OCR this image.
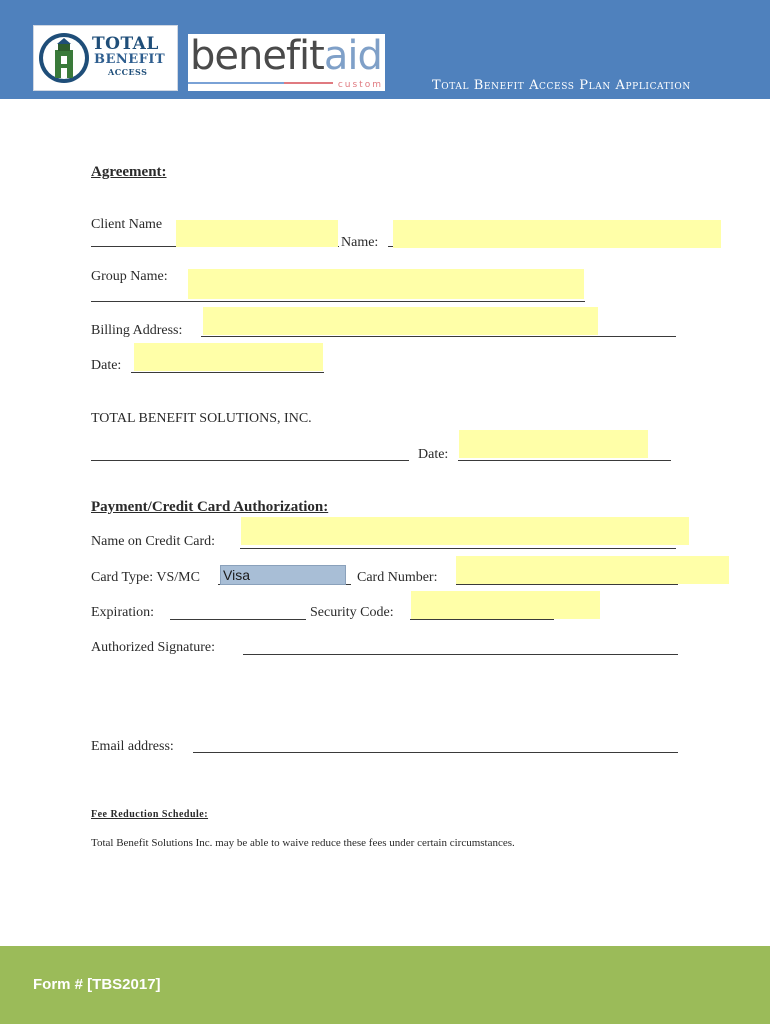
TOTAL
BENEFIT
ACCESS benefitaid
custom	Total Benefit Access Plan Application
Agreement:
Client Name
Name:
Group Name:
Billing Address:
Date:
TOTAL BENEFIT SOLUTIONS, INC.
Date:
Payment/Credit Card Authorization:
Name on Credit Card:
Card Type: VS/MC Visa	Card Number:
Expiration:	Security Code:
Authorized Signature:
Email address:
Fee Reduction Schedule:
Total Benefit Solutions Inc. may be able to waive reduce these fees under certain circumstances.
Form # [TBS2017]
